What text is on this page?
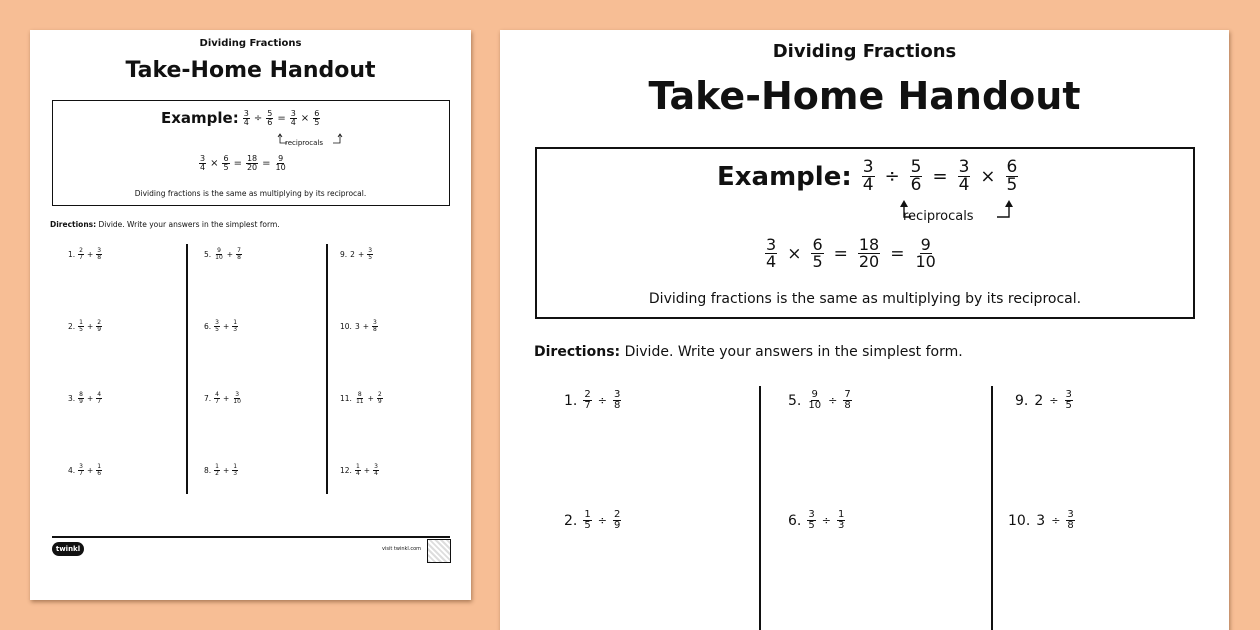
Dividing Fractions
Take-Home Handout
Example: $\frac{3}{4} \div \frac{5}{6} = \frac{3}{4} \times \frac{6}{5}$
reciprocals
$\frac{3}{4} \times \frac{6}{5} = \frac{18}{20} = \frac{9}{10}$
Dividing fractions is the same as multiplying by its reciprocal.
Directions: Divide. Write your answers in the simplest form.
1. $\frac{2}{7} + \frac{3}{8}$
2. $\frac{1}{5} + \frac{2}{9}$
3. $\frac{8}{9} + \frac{4}{7}$
4. $\frac{3}{7} + \frac{1}{6}$
5. $\frac{9}{10} + \frac{7}{8}$
6. $\frac{3}{5} + \frac{1}{3}$
7. $\frac{4}{7} + \frac{3}{10}$
8. $\frac{1}{2} + \frac{1}{3}$
9. $2 + \frac{3}{5}$
10. $3 + \frac{3}{8}$
11. $\frac{8}{11} + \frac{2}{9}$
12. $\frac{1}{4} + \frac{3}{4}$
twinkl	visit twinkl.com
Dividing Fractions
Take-Home Handout
Example: $\frac{3}{4} \div \frac{5}{6} = \frac{3}{4} \times \frac{6}{5}$
reciprocals
$\frac{3}{4} \times \frac{6}{5} = \frac{18}{20} = \frac{9}{10}$
Dividing fractions is the same as multiplying by its reciprocal.
Directions: Divide. Write your answers in the simplest form.
1. $\frac{2}{7} \div \frac{3}{8}$
2. $\frac{1}{5} \div \frac{2}{9}$
5. $\frac{9}{10} \div \frac{7}{8}$
6. $\frac{3}{5} \div \frac{1}{3}$
9. $2 \div \frac{3}{5}$
10. $3 \div \frac{3}{8}$
